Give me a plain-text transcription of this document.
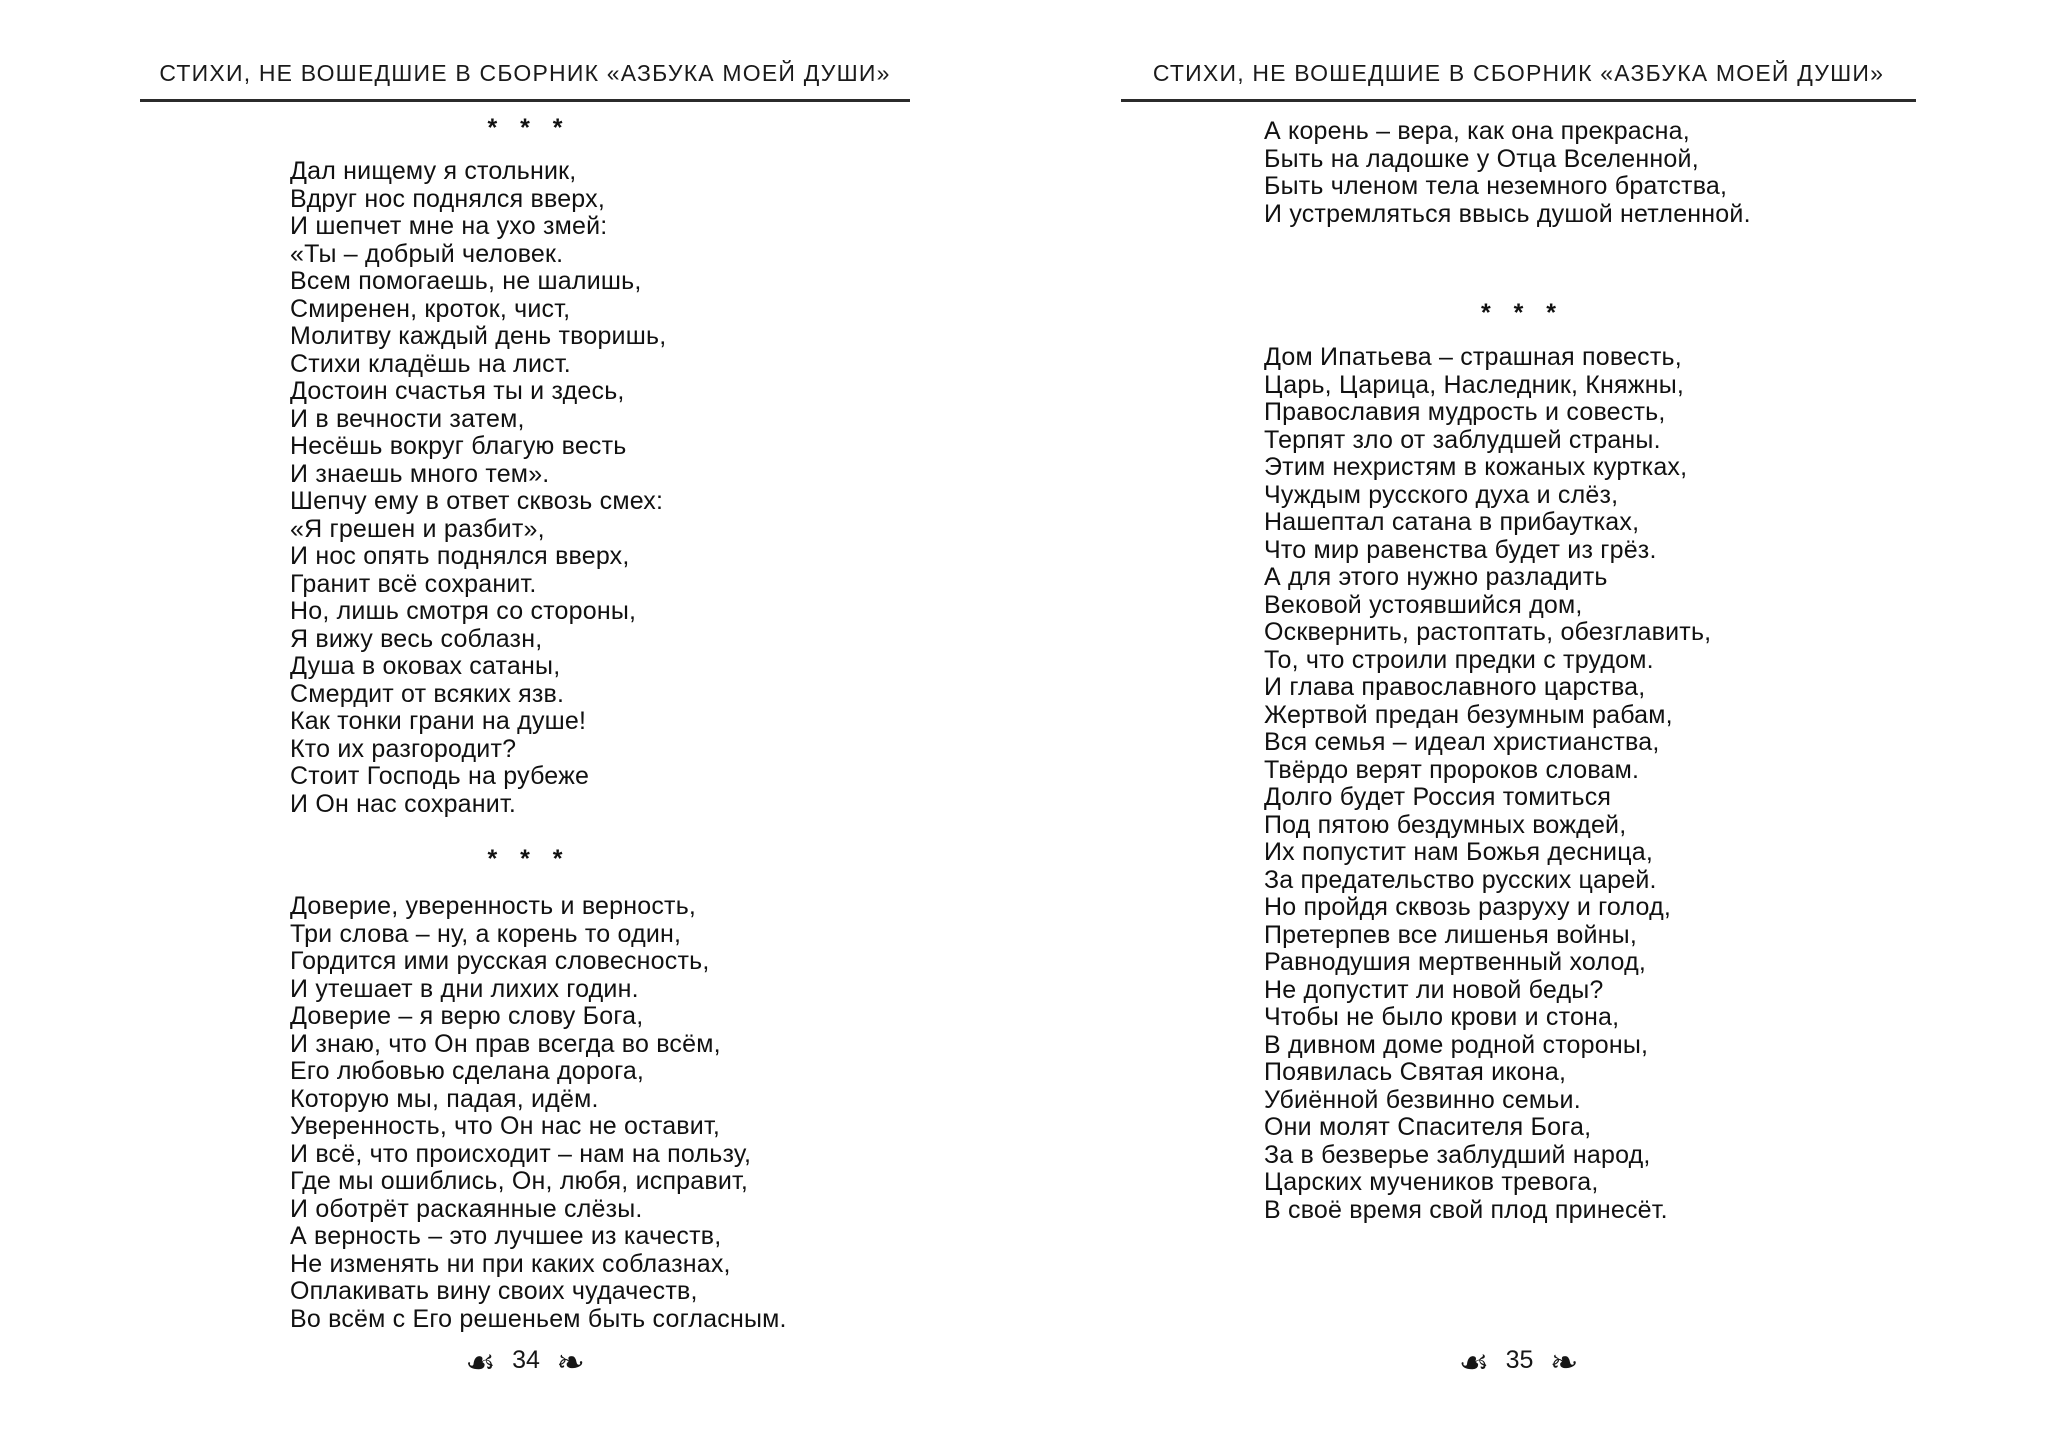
СТИХИ, НЕ ВОШЕДШИЕ В СБОРНИК «АЗБУКА МОЕЙ ДУШИ»
* * *
Дал нищему я стольник,
Вдруг нос поднялся вверх,
И шепчет мне на ухо змей:
«Ты – добрый человек.
Всем помогаешь, не шалишь,
Смиренен, кроток, чист,
Молитву каждый день творишь,
Стихи кладёшь на лист.
Достоин счастья ты и здесь,
И в вечности затем,
Несёшь вокруг благую весть
И знаешь много тем».
Шепчу ему в ответ сквозь смех:
«Я грешен и разбит»,
И нос опять поднялся вверх,
Гранит всё сохранит.
Но, лишь смотря со стороны,
Я вижу весь соблазн,
Душа в оковах сатаны,
Смердит от всяких язв.
Как тонки грани на душе!
Кто их разгородит?
Стоит Господь на рубеже
И Он нас сохранит.
* * *
Доверие, уверенность и верность,
Три слова – ну, а корень то один,
Гордится ими русская словесность,
И утешает в дни лихих годин.
Доверие – я верю слову Бога,
И знаю, что Он прав всегда во всём,
Его любовью сделана дорога,
Которую мы, падая, идём.
Уверенность, что Он нас не оставит,
И всё, что происходит – нам на пользу,
Где мы ошиблись, Он, любя, исправит,
И оботрёт раскаянные слёзы.
А верность – это лучшее из качеств,
Не изменять ни при каких соблазнах,
Оплакивать вину своих чудачеств,
Во всём с Его решеньем быть согласным.
☙ 34 ❧
СТИХИ, НЕ ВОШЕДШИЕ В СБОРНИК «АЗБУКА МОЕЙ ДУШИ»
А корень – вера, как она прекрасна,
Быть на ладошке у Отца Вселенной,
Быть членом тела неземного братства,
И устремляться ввысь душой нетленной.
* * *
Дом Ипатьева – страшная повесть,
Царь, Царица, Наследник, Княжны,
Православия мудрость и совесть,
Терпят зло от заблудшей страны.
Этим нехристям в кожаных куртках,
Чуждым русского духа и слёз,
Нашептал сатана в прибаутках,
Что мир равенства будет из грёз.
А для этого нужно разладить
Вековой устоявшийся дом,
Осквернить, растоптать, обезглавить,
То, что строили предки с трудом.
И глава православного царства,
Жертвой предан безумным рабам,
Вся семья – идеал христианства,
Твёрдо верят пророков словам.
Долго будет Россия томиться
Под пятою бездумных вождей,
Их попустит нам Божья десница,
За предательство русских царей.
Но пройдя сквозь разруху и голод,
Претерпев все лишенья войны,
Равнодушия мертвенный холод,
Не допустит ли новой беды?
Чтобы не было крови и стона,
В дивном доме родной стороны,
Появилась Святая икона,
Убиённой безвинно семьи.
Они молят Спасителя Бога,
За в безверье заблудший народ,
Царских мучеников тревога,
В своё время свой плод принесёт.
☙ 35 ❧
